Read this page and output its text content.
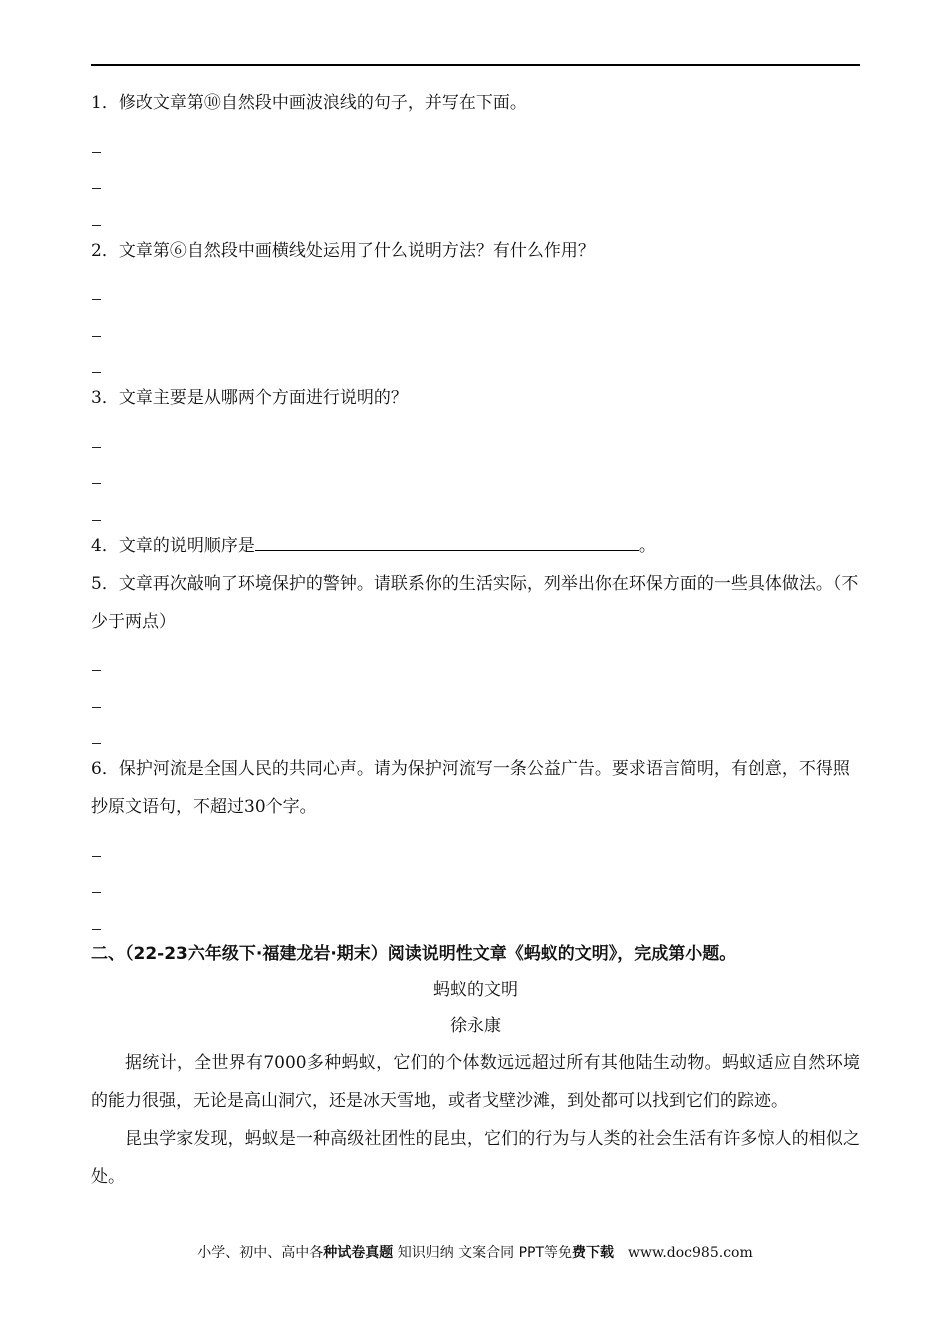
1．修改文章第⑩自然段中画波浪线的句子，并写在下面。

2．文章第⑥自然段中画横线处运用了什么说明方法？有什么作用？

3．文章主要是从哪两个方面进行说明的？

4．文章的说明顺序是	。

5．文章再次敲响了环境保护的警钟。请联系你的生活实际，列举出你在环保方面的一些具体做法。（不少于两点）

6．保护河流是全国人民的共同心声。请为保护河流写一条公益广告。要求语言简明，有创意，不得照抄原文语句，不超过30个字。

二、（22-23六年级下·福建龙岩·期末）阅读说明性文章《蚂蚁的文明》，完成第小题。

蚂蚁的文明

徐永康

据统计，全世界有7000多种蚂蚁，它们的个体数远远超过所有其他陆生动物。蚂蚁适应自然环境的能力很强，无论是高山洞穴，还是冰天雪地，或者戈壁沙滩，到处都可以找到它们的踪迹。

昆虫学家发现，蚂蚁是一种高级社团性的昆虫，它们的行为与人类的社会生活有许多惊人的相似之处。

小学、初中、高中各种试卷真题 知识归纳 文案合同 PPT等免费下载 www.doc985.com
